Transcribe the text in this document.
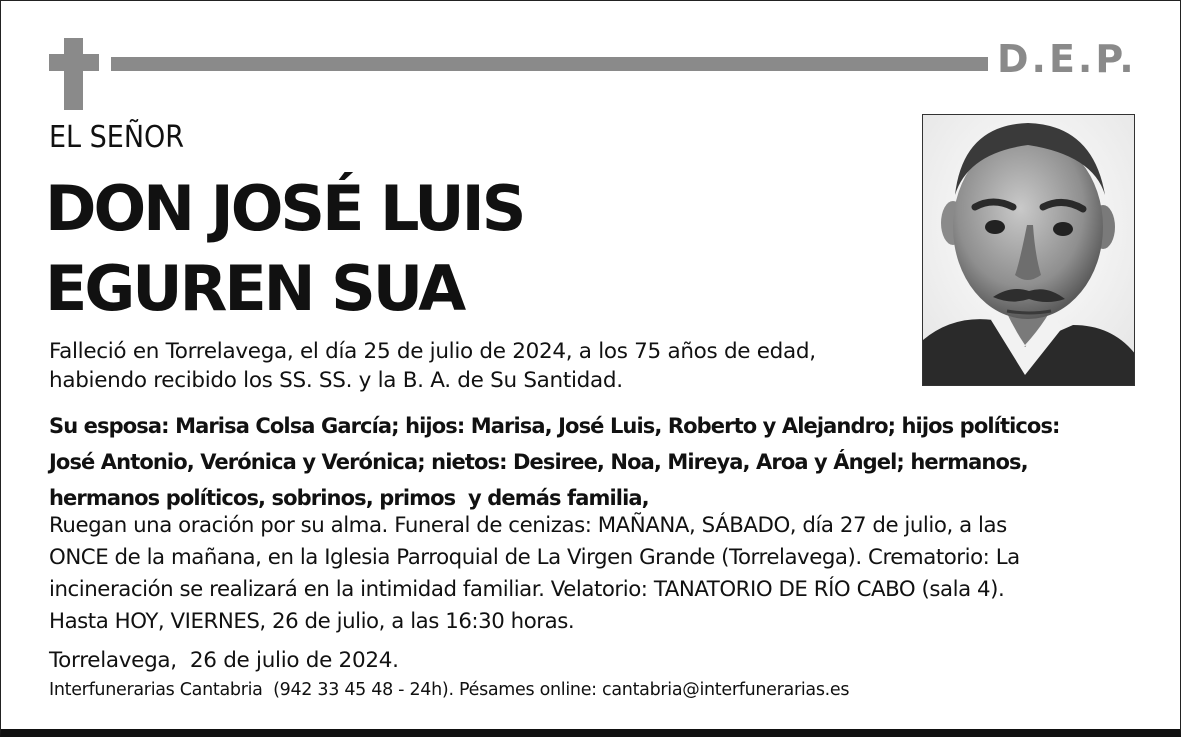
D.E.P.
EL SEÑOR
DON JOSÉ LUIS
EGUREN SUA
Falleció en Torrelavega, el día 25 de julio de 2024, a los 75 años de edad,
habiendo recibido los SS. SS. y la B. A. de Su Santidad.
Su esposa: Marisa Colsa García; hijos: Marisa, José Luis, Roberto y Alejandro; hijos políticos:
José Antonio, Verónica y Verónica; nietos: Desiree, Noa, Mireya, Aroa y Ángel; hermanos,
hermanos políticos, sobrinos, primos  y demás familia,
Ruegan una oración por su alma. Funeral de cenizas: MAÑANA, SÁBADO, día 27 de julio, a las
ONCE de la mañana, en la Iglesia Parroquial de La Virgen Grande (Torrelavega). Crematorio: La
incineración se realizará en la intimidad familiar. Velatorio: TANATORIO DE RÍO CABO (sala 4).
Hasta HOY, VIERNES, 26 de julio, a las 16:30 horas.
Torrelavega,  26 de julio de 2024.
Interfunerarias Cantabria  (942 33 45 48 - 24h). Pésames online: cantabria@interfunerarias.es
